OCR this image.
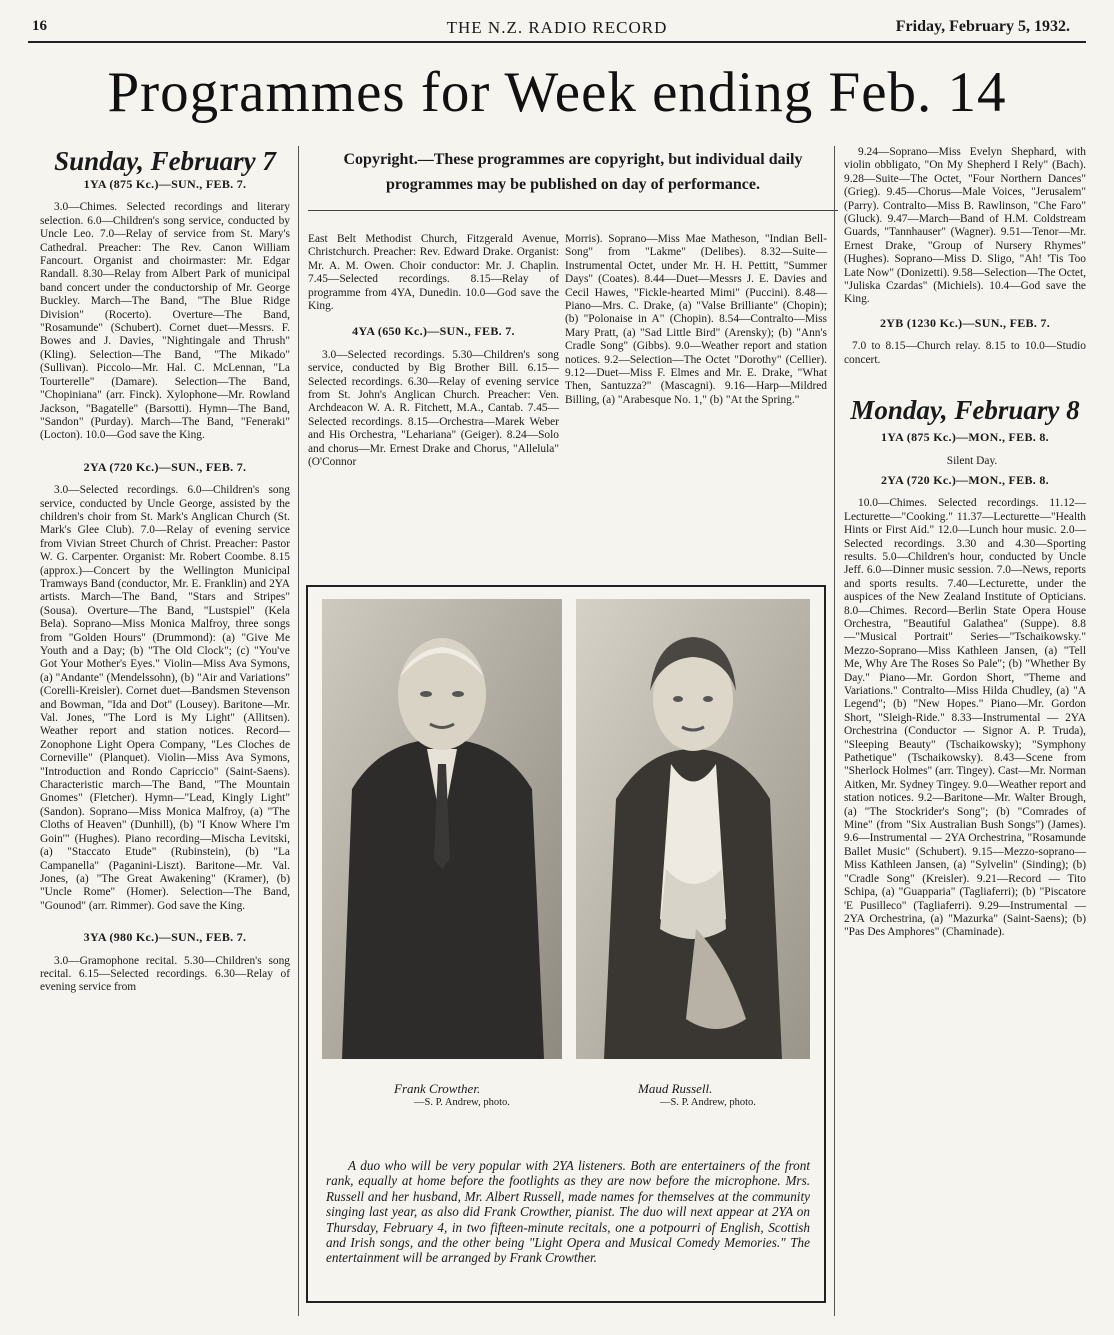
16	THE N.Z. RADIO RECORD	Friday, February 5, 1932.
Programmes for Week ending Feb. 14
Sunday, February 7
1YA (875 Kc.)—SUN., FEB. 7.

3.0—Chimes. Selected recordings and literary selection. 6.0—Children's song service, conducted by Uncle Leo. 7.0—Relay of service from St. Mary's Cathedral. Preacher: The Rev. Canon William Fancourt. Organist and choirmaster: Mr. Edgar Randall. 8.30—Relay from Albert Park of municipal band concert under the conductorship of Mr. George Buckley. March—The Band, "The Blue Ridge Division" (Rocerto). Overture—The Band, "Rosamunde" (Schubert). Cornet duet—Messrs. F. Bowes and J. Davies, "Nightingale and Thrush" (Kling). Selection—The Band, "The Mikado" (Sullivan). Piccolo—Mr. Hal. C. McLennan, "La Tourterelle" (Damare). Selection—The Band, "Chopiniana" (arr. Finck). Xylophone—Mr. Rowland Jackson, "Bagatelle" (Barsotti). Hymn—The Band, "Sandon" (Purday). March—The Band, "Feneraki" (Locton). 10.0—God save the King.

2YA (720 Kc.)—SUN., FEB. 7.

3.0—Selected recordings. 6.0—Children's song service, conducted by Uncle George, assisted by the children's choir from St. Mark's Anglican Church (St. Mark's Glee Club). 7.0—Relay of evening service from Vivian Street Church of Christ. Preacher: Pastor W. G. Carpenter. Organist: Mr. Robert Coombe. 8.15 (approx.)—Concert by the Wellington Municipal Tramways Band (conductor, Mr. E. Franklin) and 2YA artists. March—The Band, "Stars and Stripes" (Sousa). Overture—The Band, "Lustspiel" (Kela Bela). Soprano—Miss Monica Malfroy, three songs from "Golden Hours" (Drummond): (a) "Give Me Youth and a Day; (b) "The Old Clock"; (c) "You've Got Your Mother's Eyes." Violin—Miss Ava Symons, (a) "Andante" (Mendelssohn), (b) "Air and Variations" (Corelli-Kreisler). Cornet duet—Bandsmen Stevenson and Bowman, "Ida and Dot" (Lousey). Baritone—Mr. Val. Jones, "The Lord is My Light" (Allitsen). Weather report and station notices. Record—Zonophone Light Opera Company, "Les Cloches de Corneville" (Planquet). Violin—Miss Ava Symons, "Introduction and Rondo Capriccio" (Saint-Saens). Characteristic march—The Band, "The Mountain Gnomes" (Fletcher). Hymn—"Lead, Kingly Light" (Sandon). Soprano—Miss Monica Malfroy, (a) "The Cloths of Heaven" (Dunhill), (b) "I Know Where I'm Goin'" (Hughes). Piano recording—Mischa Levitski, (a) "Staccato Etude" (Rubinstein), (b) "La Campanella" (Paganini-Liszt). Baritone—Mr. Val. Jones, (a) "The Great Awakening" (Kramer), (b) "Uncle Rome" (Homer). Selection—The Band, "Gounod" (arr. Rimmer). God save the King.

3YA (980 Kc.)—SUN., FEB. 7.

3.0—Gramophone recital. 5.30—Children's song recital. 6.15—Selected recordings. 6.30—Relay of evening service from

Copyright.—These programmes are copyright, but individual daily programmes may be published on day of performance.

East Belt Methodist Church, Fitzgerald Avenue, Christchurch. Preacher: Rev. Edward Drake. Organist: Mr. A. M. Owen. Choir conductor: Mr. J. Chaplin. 7.45—Selected recordings. 8.15—Relay of programme from 4YA, Dunedin. 10.0—God save the King.

4YA (650 Kc.)—SUN., FEB. 7.

3.0—Selected recordings. 5.30—Children's song service, conducted by Big Brother Bill. 6.15—Selected recordings. 6.30—Relay of evening service from St. John's Anglican Church. Preacher: Ven. Archdeacon W. A. R. Fitchett, M.A., Cantab. 7.45—Selected recordings. 8.15—Orchestra—Marek Weber and His Orchestra, "Lehariana" (Geiger). 8.24—Solo and chorus—Mr. Ernest Drake and Chorus, "Allelula" (O'Connor

Morris). Soprano—Miss Mae Matheson, "Indian Bell-Song" from "Lakme" (Delibes). 8.32—Suite—Instrumental Octet, under Mr. H. H. Pettitt, "Summer Days" (Coates). 8.44—Duet—Messrs J. E. Davies and Cecil Hawes, "Fickle-hearted Mimi" (Puccini). 8.48—Piano—Mrs. C. Drake, (a) "Valse Brilliante" (Chopin); (b) "Polonaise in A" (Chopin). 8.54—Contralto—Miss Mary Pratt, (a) "Sad Little Bird" (Arensky); (b) "Ann's Cradle Song" (Gibbs). 9.0—Weather report and station notices. 9.2—Selection—The Octet "Dorothy" (Cellier). 9.12—Duet—Miss F. Elmes and Mr. E. Drake, "What Then, Santuzza?" (Mascagni). 9.16—Harp—Mildred Billing, (a) "Arabesque No. 1," (b) "At the Spring."

Frank Crowther.
—S. P. Andrew, photo.
Maud Russell.
—S. P. Andrew, photo.
A duo who will be very popular with 2YA listeners. Both are entertainers of the front rank, equally at home before the footlights as they are now before the microphone. Mrs. Russell and her husband, Mr. Albert Russell, made names for themselves at the community singing last year, as also did Frank Crowther, pianist. The duo will next appear at 2YA on Thursday, February 4, in two fifteen-minute recitals, one a potpourri of English, Scottish and Irish songs, and the other being "Light Opera and Musical Comedy Memories." The entertainment will be arranged by Frank Crowther.

9.24—Soprano—Miss Evelyn Shephard, with violin obbligato, "On My Shepherd I Rely" (Bach). 9.28—Suite—The Octet, "Four Northern Dances" (Grieg). 9.45—Chorus—Male Voices, "Jerusalem" (Parry). Contralto—Miss B. Rawlinson, "Che Faro" (Gluck). 9.47—March—Band of H.M. Coldstream Guards, "Tannhauser" (Wagner). 9.51—Tenor—Mr. Ernest Drake, "Group of Nursery Rhymes" (Hughes). Soprano—Miss D. Sligo, "Ah! 'Tis Too Late Now" (Donizetti). 9.58—Selection—The Octet, "Juliska Czardas" (Michiels). 10.4—God save the King.

2YB (1230 Kc.)—SUN., FEB. 7.

7.0 to 8.15—Church relay. 8.15 to 10.0—Studio concert.

Monday, February 8
1YA (875 Kc.)—MON., FEB. 8.

Silent Day.

2YA (720 Kc.)—MON., FEB. 8.

10.0—Chimes. Selected recordings. 11.12—Lecturette—"Cooking." 11.37—Lecturette—"Health Hints or First Aid." 12.0—Lunch hour music. 2.0—Selected recordings. 3.30 and 4.30—Sporting results. 5.0—Children's hour, conducted by Uncle Jeff. 6.0—Dinner music session. 7.0—News, reports and sports results. 7.40—Lecturette, under the auspices of the New Zealand Institute of Opticians. 8.0—Chimes. Record—Berlin State Opera House Orchestra, "Beautiful Galathea" (Suppe). 8.8—"Musical Portrait" Series—"Tschaikowsky." Mezzo-Soprano—Miss Kathleen Jansen, (a) "Tell Me, Why Are The Roses So Pale"; (b) "Whether By Day." Piano—Mr. Gordon Short, "Theme and Variations." Contralto—Miss Hilda Chudley, (a) "A Legend"; (b) "New Hopes." Piano—Mr. Gordon Short, "Sleigh-Ride." 8.33—Instrumental — 2YA Orchestrina (Conductor — Signor A. P. Truda), "Sleeping Beauty" (Tschaikowsky); "Symphony Pathetique" (Tschaikowsky). 8.43—Scene from "Sherlock Holmes" (arr. Tingey). Cast—Mr. Norman Aitken, Mr. Sydney Tingey. 9.0—Weather report and station notices. 9.2—Baritone—Mr. Walter Brough, (a) "The Stockrider's Song"; (b) "Comrades of Mine" (from "Six Australian Bush Songs") (James). 9.6—Instrumental — 2YA Orchestrina, "Rosamunde Ballet Music" (Schubert). 9.15—Mezzo-soprano—Miss Kathleen Jansen, (a) "Sylvelin" (Sinding); (b) "Cradle Song" (Kreisler). 9.21—Record — Tito Schipa, (a) "Guapparia" (Tagliaferri); (b) "Piscatore 'E Pusilleco" (Tagliaferri). 9.29—Instrumental — 2YA Orchestrina, (a) "Mazurka" (Saint-Saens); (b) "Pas Des Amphores" (Chaminade).
